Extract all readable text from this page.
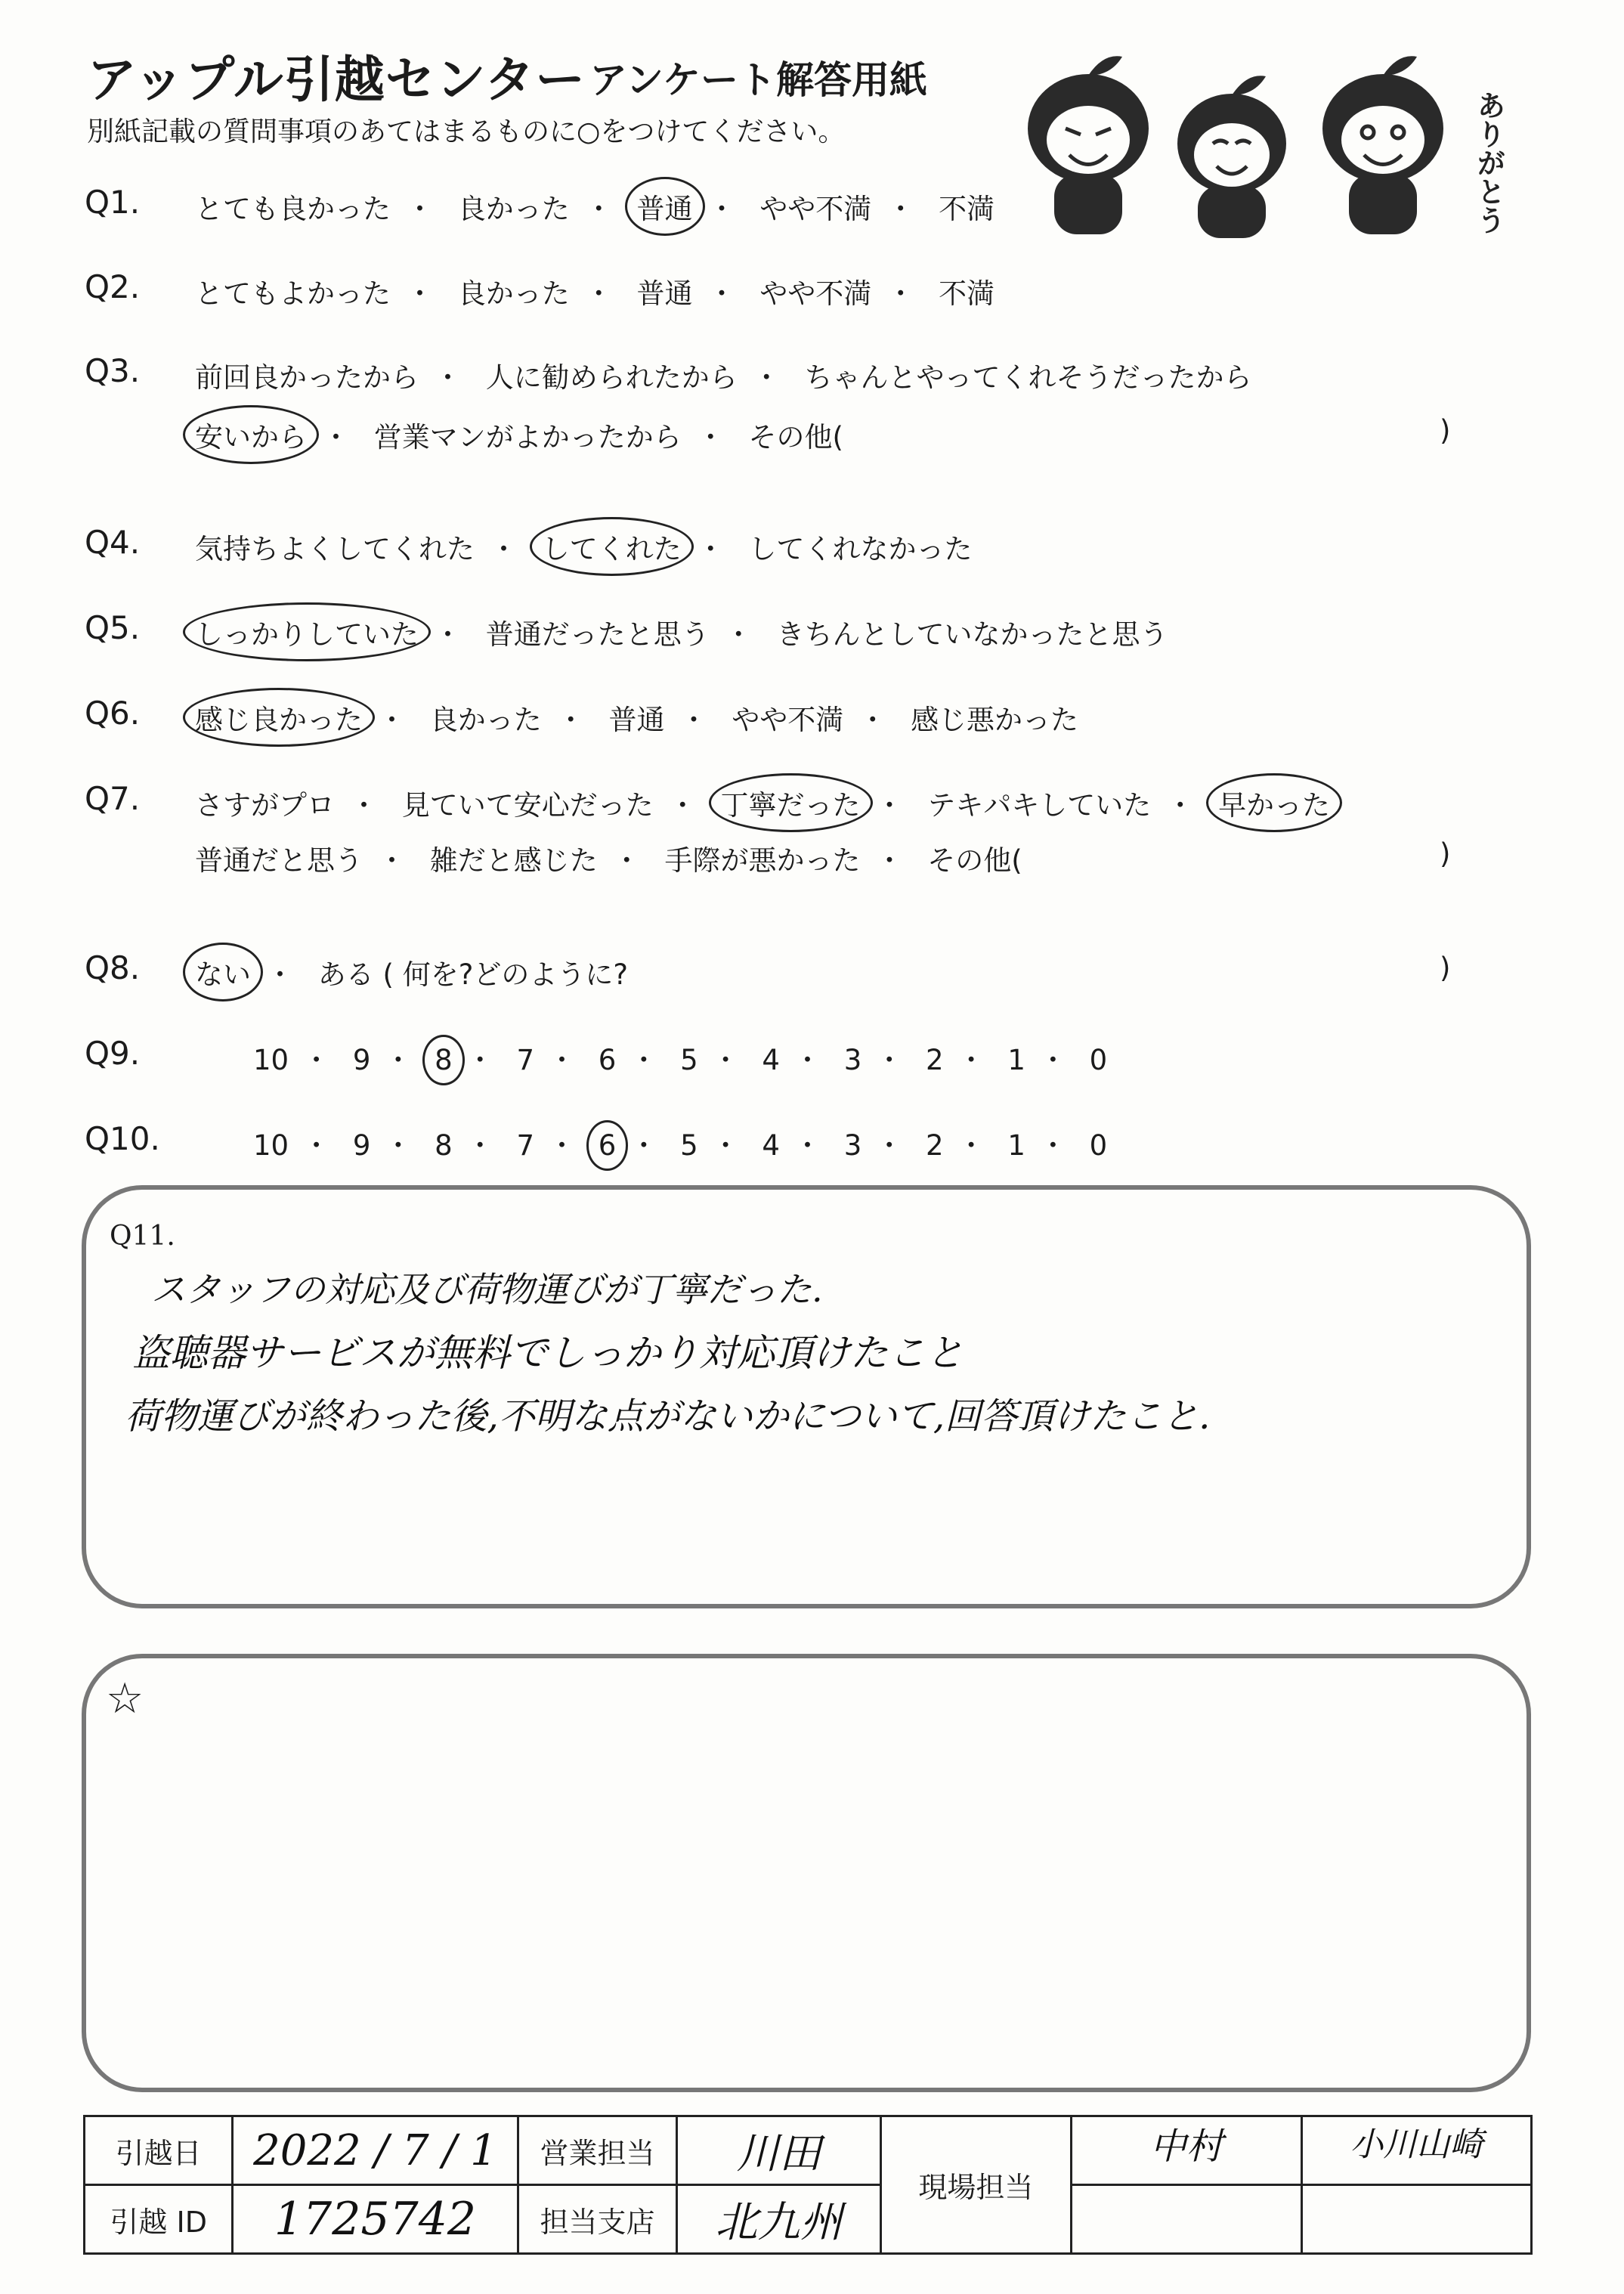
アップル引越センター アンケート解答用紙
別紙記載の質問事項のあてはまるものに○をつけてください。	ありがとう
Q1. とても良かった ・ 良かった ・ 普通 ・ やや不満 ・ 不満
Q2. とてもよかった ・ 良かった ・ 普通 ・ やや不満 ・ 不満
Q3. 前回良かったから ・ 人に勧められたから ・ ちゃんとやってくれそうだったから
安いから ・ 営業マンがよかったから ・ その他(	)
Q4. 気持ちよくしてくれた ・ してくれた ・ してくれなかった
Q5. しっかりしていた ・ 普通だったと思う ・ きちんとしていなかったと思う
Q6. 感じ良かった ・ 良かった ・ 普通 ・ やや不満 ・ 感じ悪かった
Q7. さすがプロ ・ 見ていて安心だった ・ 丁寧だった ・ テキパキしていた ・ 早かった
普通だと思う ・ 雑だと感じた ・ 手際が悪かった ・ その他(	)
Q8. ない ・ ある ( 何を?どのように?	)
Q9.	10 ・ 9 ・ 8 ・ 7 ・ 6 ・ 5 ・ 4 ・ 3 ・ 2 ・ 1 ・ 0
Q10.	10 ・ 9 ・ 8 ・ 7 ・ 6 ・ 5 ・ 4 ・ 3 ・ 2 ・ 1 ・ 0
Q11.
スタッフの対応及び荷物運びが丁寧だった.
盗聴器サービスが無料でしっかり対応頂けたこと
荷物運びが終わった後,不明な点がないかについて,回答頂けたこと.
☆
引越日	2022 / 7 / 1	営業担当	川田	現場担当	中村	小川山崎
引越 ID	1725742	担当支店	北九州			
